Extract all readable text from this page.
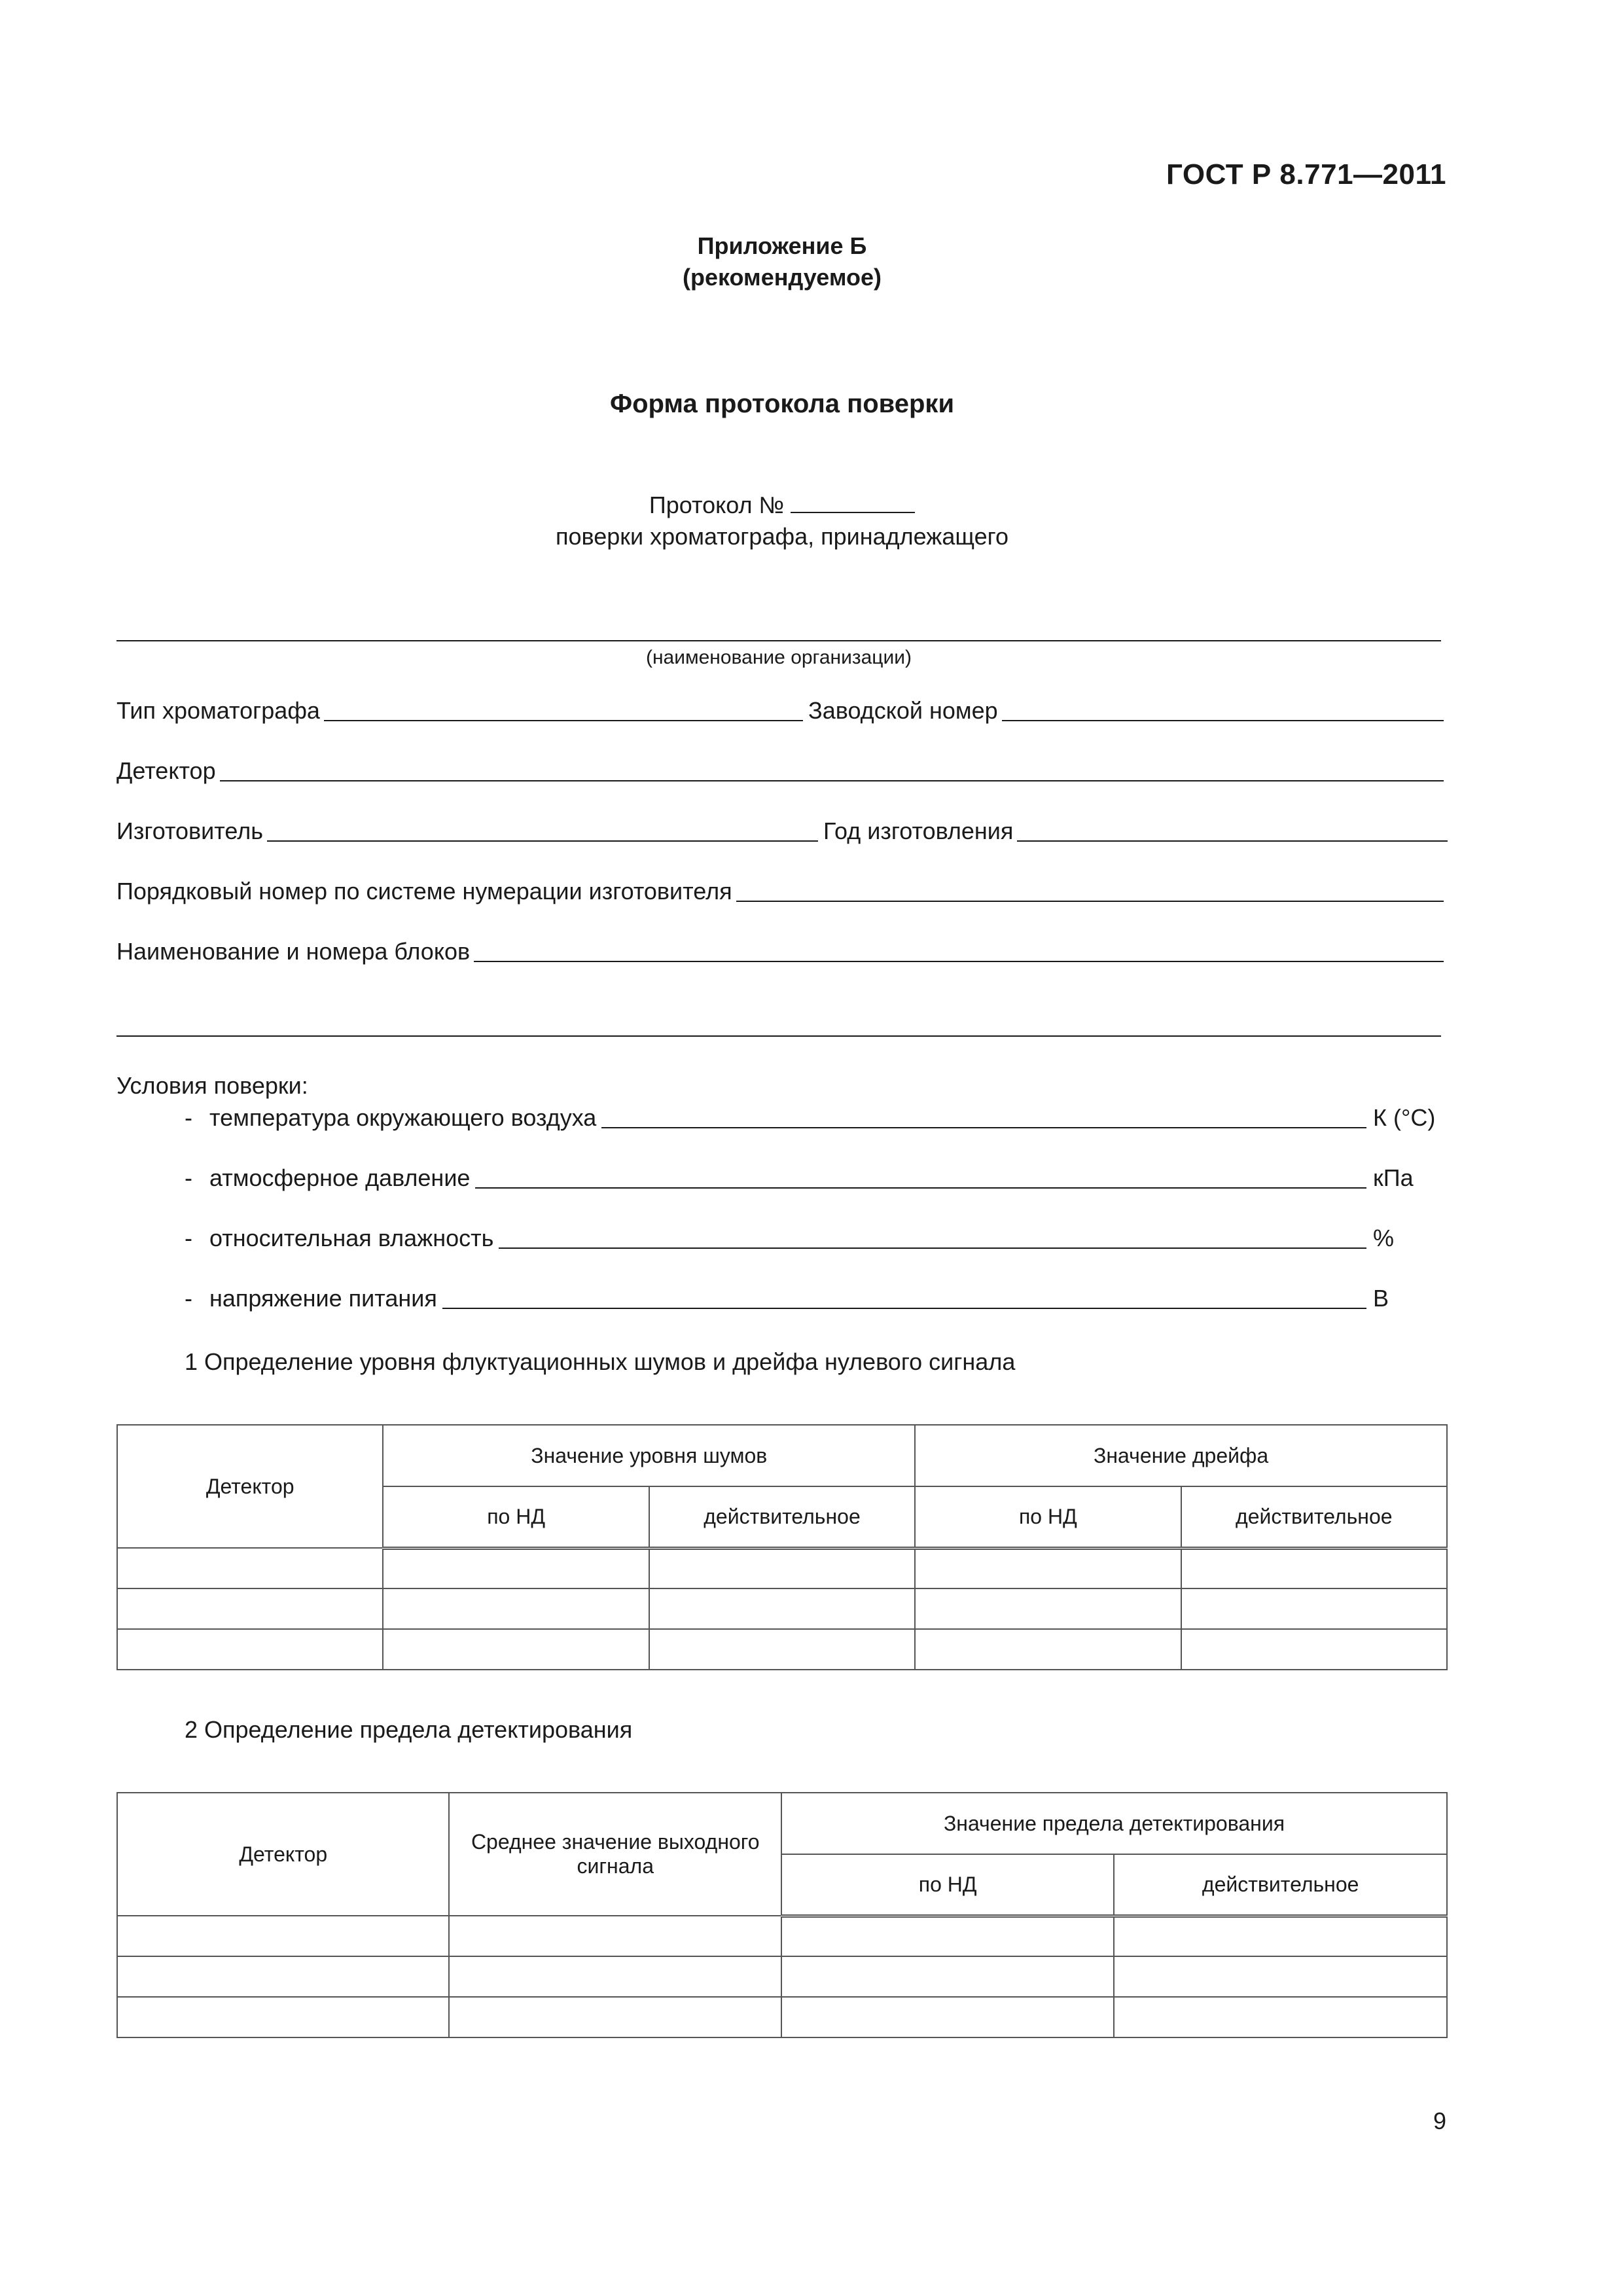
ГОСТ Р 8.771—2011
Приложение Б
(рекомендуемое)
Форма протокола поверки
Протокол №
поверки хроматографа, принадлежащего
(наименование организации)
Тип хроматографа	Заводской номер
Детектор
Изготовитель	Год изготовления
Порядковый номер по системе нумерации изготовителя
Наименование и номера блоков
Условия поверки:
- температура окружающего воздуха	К (°С)
- атмосферное давление	кПа
- относительная влажность	%
- напряжение питания	В
1 Определение уровня флуктуационных шумов и дрейфа нулевого сигнала
Детектор	Значение уровня шумов		Значение дрейфа	
	по НД	действительное	по НД	действительное

2 Определение предела детектирования
Детектор	Среднее значение выходного сигнала	Значение предела детектирования	
		по НД	действительное

9
